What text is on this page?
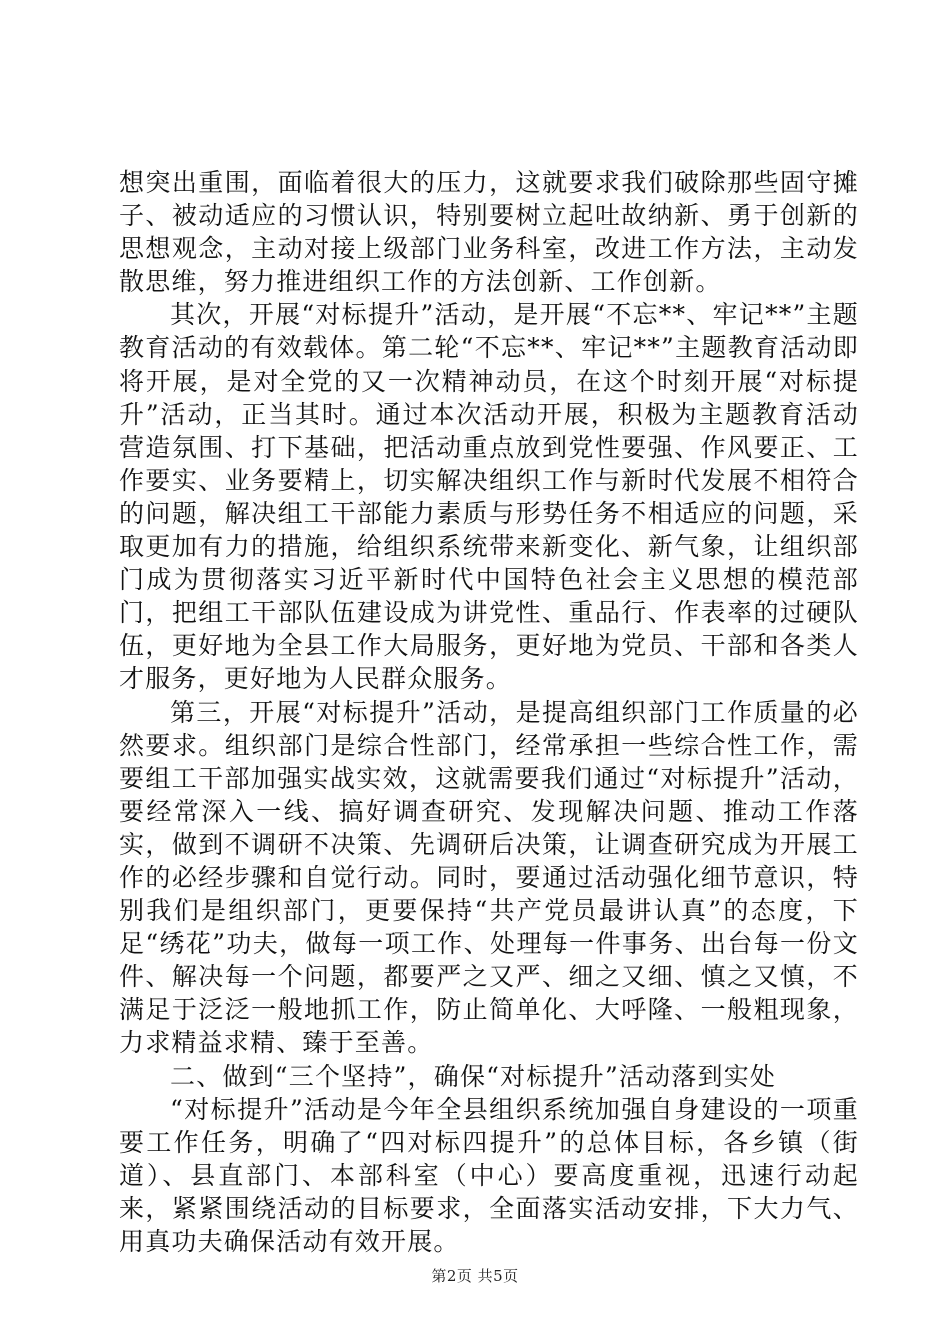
想突出重围，面临着很大的压力，这就要求我们破除那些固守摊子、被动适应的习惯认识，特别要树立起吐故纳新、勇于创新的思想观念，主动对接上级部门业务科室，改进工作方法，主动发散思维，努力推进组织工作的方法创新、工作创新。

其次，开展“对标提升”活动，是开展“不忘**、牢记**”主题教育活动的有效载体。第二轮“不忘**、牢记**”主题教育活动即将开展，是对全党的又一次精神动员，在这个时刻开展“对标提升”活动，正当其时。通过本次活动开展，积极为主题教育活动营造氛围、打下基础，把活动重点放到党性要强、作风要正、工作要实、业务要精上，切实解决组织工作与新时代发展不相符合的问题，解决组工干部能力素质与形势任务不相适应的问题，采取更加有力的措施，给组织系统带来新变化、新气象，让组织部门成为贯彻落实习近平新时代中国特色社会主义思想的模范部门，把组工干部队伍建设成为讲党性、重品行、作表率的过硬队伍，更好地为全县工作大局服务，更好地为党员、干部和各类人才服务，更好地为人民群众服务。

第三，开展“对标提升”活动，是提高组织部门工作质量的必然要求。组织部门是综合性部门，经常承担一些综合性工作，需要组工干部加强实战实效，这就需要我们通过“对标提升”活动，要经常深入一线、搞好调查研究、发现解决问题、推动工作落实，做到不调研不决策、先调研后决策，让调查研究成为开展工作的必经步骤和自觉行动。同时，要通过活动强化细节意识，特别我们是组织部门，更要保持“共产党员最讲认真”的态度，下足“绣花”功夫，做每一项工作、处理每一件事务、出台每一份文件、解决每一个问题，都要严之又严、细之又细、慎之又慎，不满足于泛泛一般地抓工作，防止简单化、大呼隆、一般粗现象，力求精益求精、臻于至善。

二、做到“三个坚持”，确保“对标提升”活动落到实处

“对标提升”活动是今年全县组织系统加强自身建设的一项重要工作任务，明确了“四对标四提升”的总体目标，各乡镇（街道）、县直部门、本部科室（中心）要高度重视，迅速行动起来，紧紧围绕活动的目标要求，全面落实活动安排，下大力气、用真功夫确保活动有效开展。

第2页 共5页
